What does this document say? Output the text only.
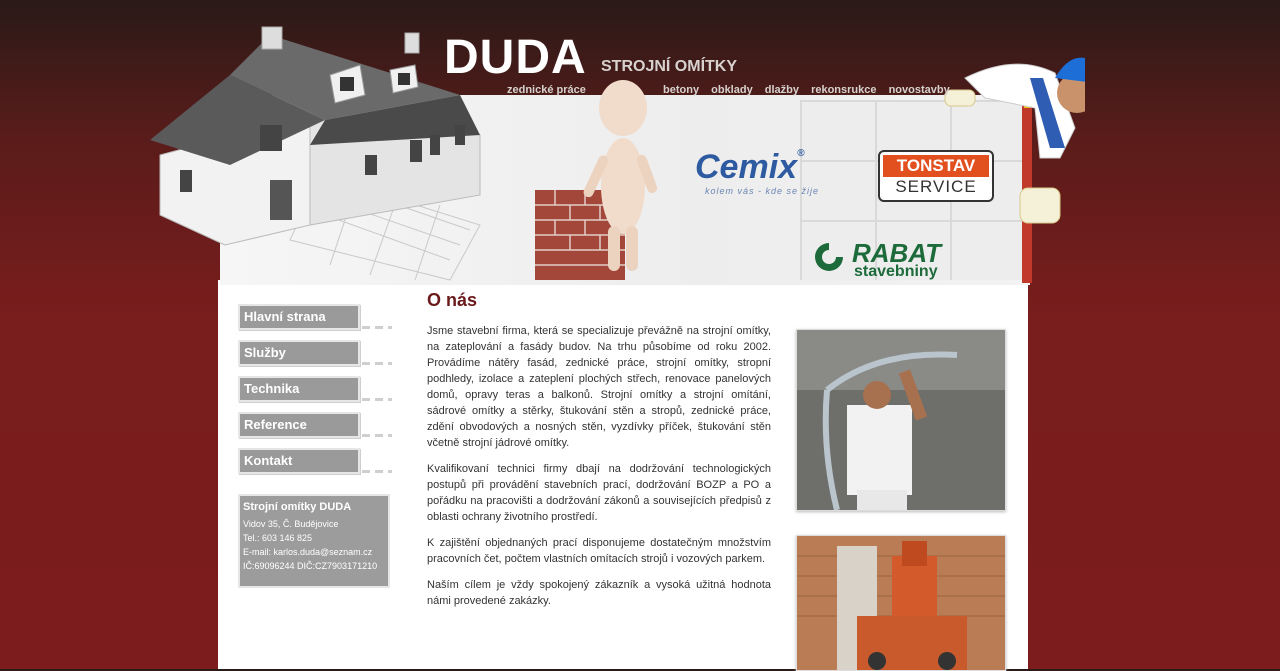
DUDA STROJNÍ OMÍTKY
zednické práce	betony obklady dlažby rekonsrukce novostavby
Cemix®
kolem vás - kde se žije
TONSTAV
SERVICE
RABAT
stavebniny
Hlavní strana
Služby
Technika
Reference
Kontakt
Strojní omítky DUDA
Vidov 35, Č. Budějovice
Tel.: 603 146 825
E-mail: karlos.duda@seznam.cz
IČ:69096244 DIČ:CZ7903171210
O nás

Jsme stavební firma, která se specializuje převážně na strojní omítky, na zateplování a fasády budov. Na trhu působíme od roku 2002. Provádíme nátěry fasád, zednické práce, strojní omítky, stropní podhledy, izolace a zateplení plochých střech, renovace panelových domů, opravy teras a balkonů. Strojní omítky a strojní omítání, sádrové omítky a stěrky, štukování stěn a stropů, zednické práce, zdění obvodových a nosných stěn, vyzdívky příček, štukování stěn včetně strojní jádrové omítky.

Kvalifikovaní technici firmy dbají na dodržování technologických postupů při provádění stavebních prací, dodržování BOZP a PO a pořádku na pracovišti a dodržování zákonů a souvisejících předpisů z oblasti ochrany životního prostředí.

K zajištění objednaných prací disponujeme dostatečným množstvím pracovních čet, počtem vlastních omítacích strojů i vozových parkem.

Naším cílem je vždy spokojený zákazník a vysoká užitná hodnota námi provedené zakázky.
